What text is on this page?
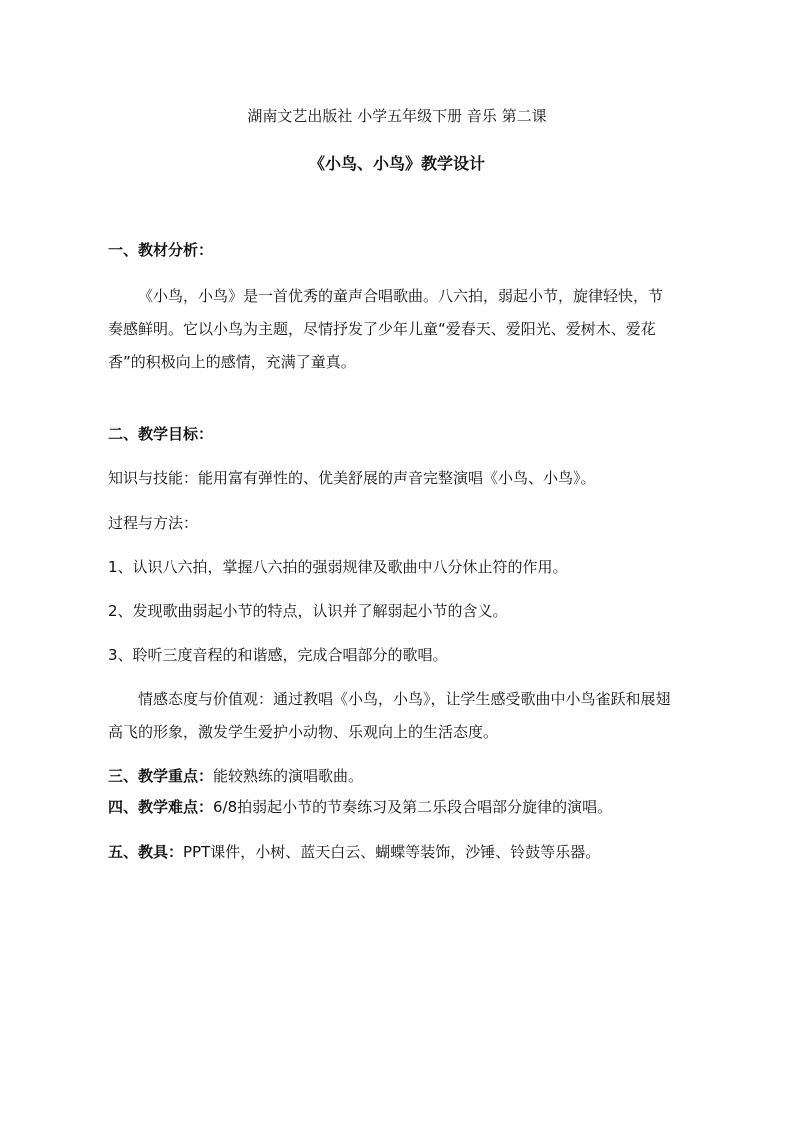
湖南文艺出版社 小学五年级下册 音乐 第二课
《小鸟、小鸟》教学设计
一、教材分析：
《小鸟，小鸟》是一首优秀的童声合唱歌曲。八六拍，弱起小节，旋律轻快，节奏感鲜明。它以小鸟为主题，尽情抒发了少年儿童“爱春天、爱阳光、爱树木、爱花香”的积极向上的感情，充满了童真。
二、教学目标：
知识与技能：能用富有弹性的、优美舒展的声音完整演唱《小鸟、小鸟》。
过程与方法：
1、认识八六拍，掌握八六拍的强弱规律及歌曲中八分休止符的作用。
2、发现歌曲弱起小节的特点，认识并了解弱起小节的含义。
3、聆听三度音程的和谐感，完成合唱部分的歌唱。
情感态度与价值观：通过教唱《小鸟，小鸟》，让学生感受歌曲中小鸟雀跃和展翅高飞的形象，激发学生爱护小动物、乐观向上的生活态度。
三、教学重点：能较熟练的演唱歌曲。
四、教学难点：6/8拍弱起小节的节奏练习及第二乐段合唱部分旋律的演唱。
五、教具：PPT课件，小树、蓝天白云、蝴蝶等装饰，沙锤、铃鼓等乐器。
